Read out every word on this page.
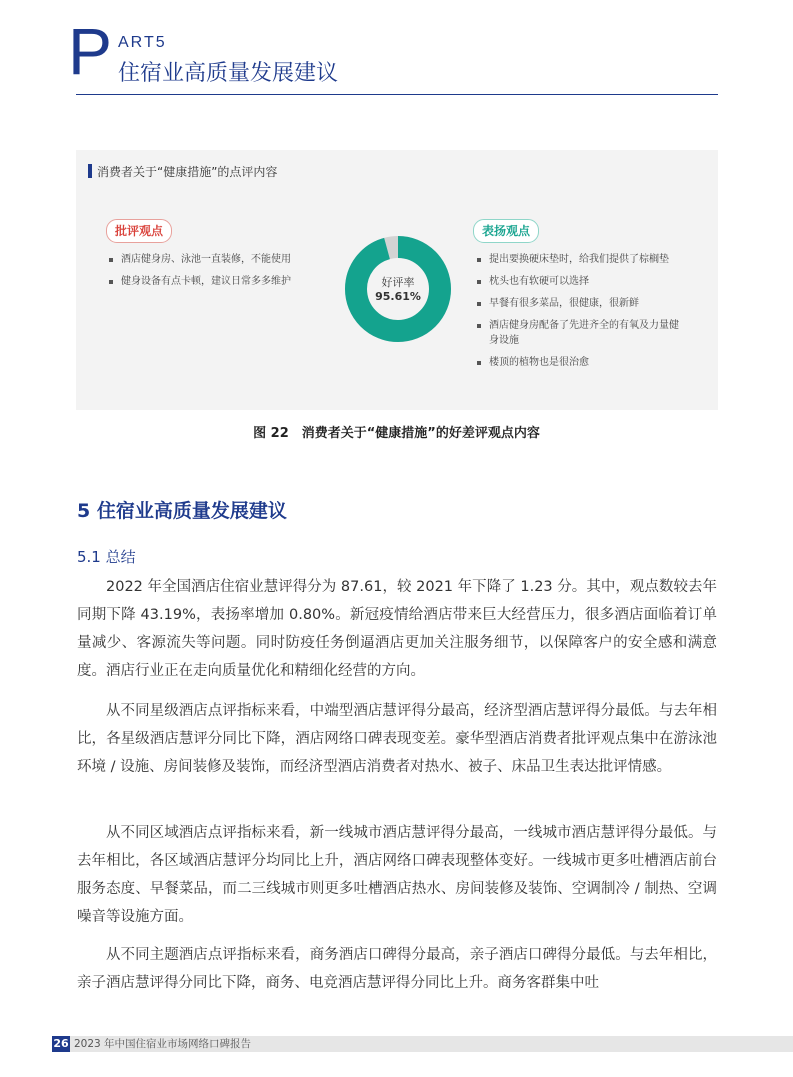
P ART5
住宿业高质量发展建议
消费者关于“健康措施”的点评内容
批评观点
酒店健身房、泳池一直装修，不能使用
健身设备有点卡顿，建议日常多多维护	好评率
95.61%
表扬观点
提出要换硬床垫时，给我们提供了棕榈垫
枕头也有软硬可以选择
早餐有很多菜品，很健康，很新鲜
酒店健身房配备了先进齐全的有氧及力量健身设施
楼顶的植物也是很治愈
图 22　消费者关于“健康措施”的好差评观点内容
5 住宿业高质量发展建议
5.1 总结

2022 年全国酒店住宿业慧评得分为 87.61，较 2021 年下降了 1.23 分。其中，观点数较去年同期下降 43.19%，表扬率增加 0.80%。新冠疫情给酒店带来巨大经营压力，很多酒店面临着订单量减少、客源流失等问题。同时防疫任务倒逼酒店更加关注服务细节，以保障客户的安全感和满意度。酒店行业正在走向质量优化和精细化经营的方向。

从不同星级酒店点评指标来看，中端型酒店慧评得分最高，经济型酒店慧评得分最低。与去年相比，各星级酒店慧评分同比下降，酒店网络口碑表现变差。豪华型酒店消费者批评观点集中在游泳池环境 / 设施、房间装修及装饰，而经济型酒店消费者对热水、被子、床品卫生表达批评情感。

从不同区域酒店点评指标来看，新一线城市酒店慧评得分最高，一线城市酒店慧评得分最低。与去年相比，各区域酒店慧评分均同比上升，酒店网络口碑表现整体变好。一线城市更多吐槽酒店前台服务态度、早餐菜品，而二三线城市则更多吐槽酒店热水、房间装修及装饰、空调制冷 / 制热、空调噪音等设施方面。

从不同主题酒店点评指标来看，商务酒店口碑得分最高，亲子酒店口碑得分最低。与去年相比，亲子酒店慧评得分同比下降，商务、电竞酒店慧评得分同比上升。商务客群集中吐

26 2023 年中国住宿业市场网络口碑报告
